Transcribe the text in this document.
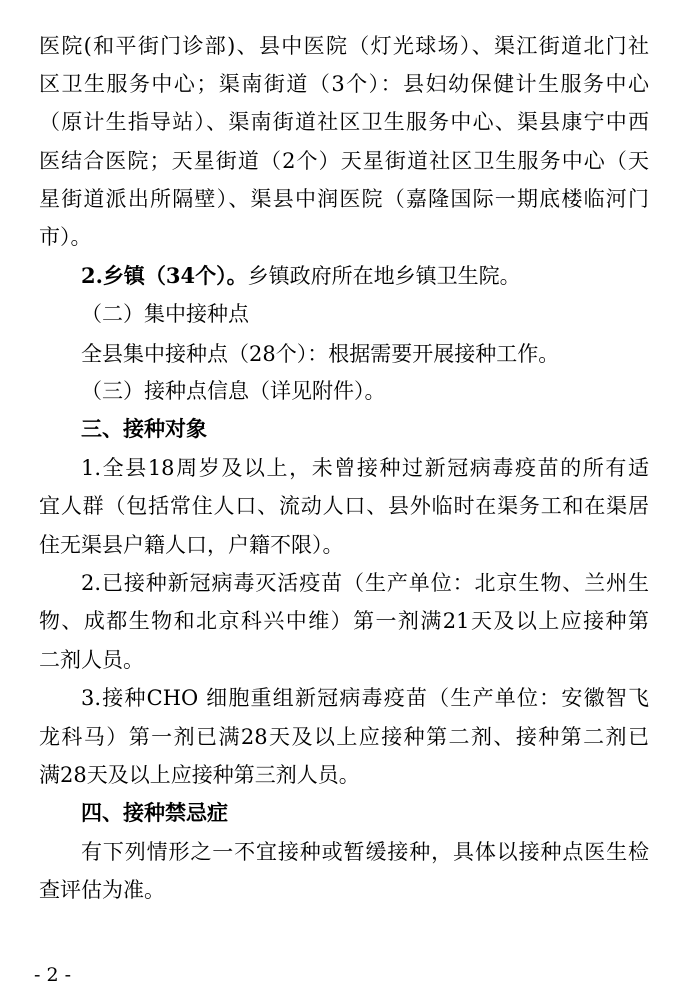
医院(和平街门诊部)、县中医院（灯光球场）、渠江街道北门社
区卫生服务中心；渠南街道（3个）：县妇幼保健计生服务中心
（原计生指导站）、渠南街道社区卫生服务中心、渠县康宁中西
医结合医院；天星街道（2个）天星街道社区卫生服务中心（天
星街道派出所隔壁）、渠县中润医院（嘉隆国际一期底楼临河门
市）。
2.乡镇（34个）。乡镇政府所在地乡镇卫生院。
（二）集中接种点
全县集中接种点（28个）：根据需要开展接种工作。
（三）接种点信息（详见附件）。
三、接种对象
1.全县18周岁及以上，未曾接种过新冠病毒疫苗的所有适
宜人群（包括常住人口、流动人口、县外临时在渠务工和在渠居
住无渠县户籍人口，户籍不限）。
2.已接种新冠病毒灭活疫苗（生产单位：北京生物、兰州生
物、成都生物和北京科兴中维）第一剂满21天及以上应接种第
二剂人员。
3.接种CHO 细胞重组新冠病毒疫苗（生产单位：安徽智飞
龙科马）第一剂已满28天及以上应接种第二剂、接种第二剂已
满28天及以上应接种第三剂人员。
四、接种禁忌症
有下列情形之一不宜接种或暂缓接种，具体以接种点医生检
查评估为准。
- 2 -
